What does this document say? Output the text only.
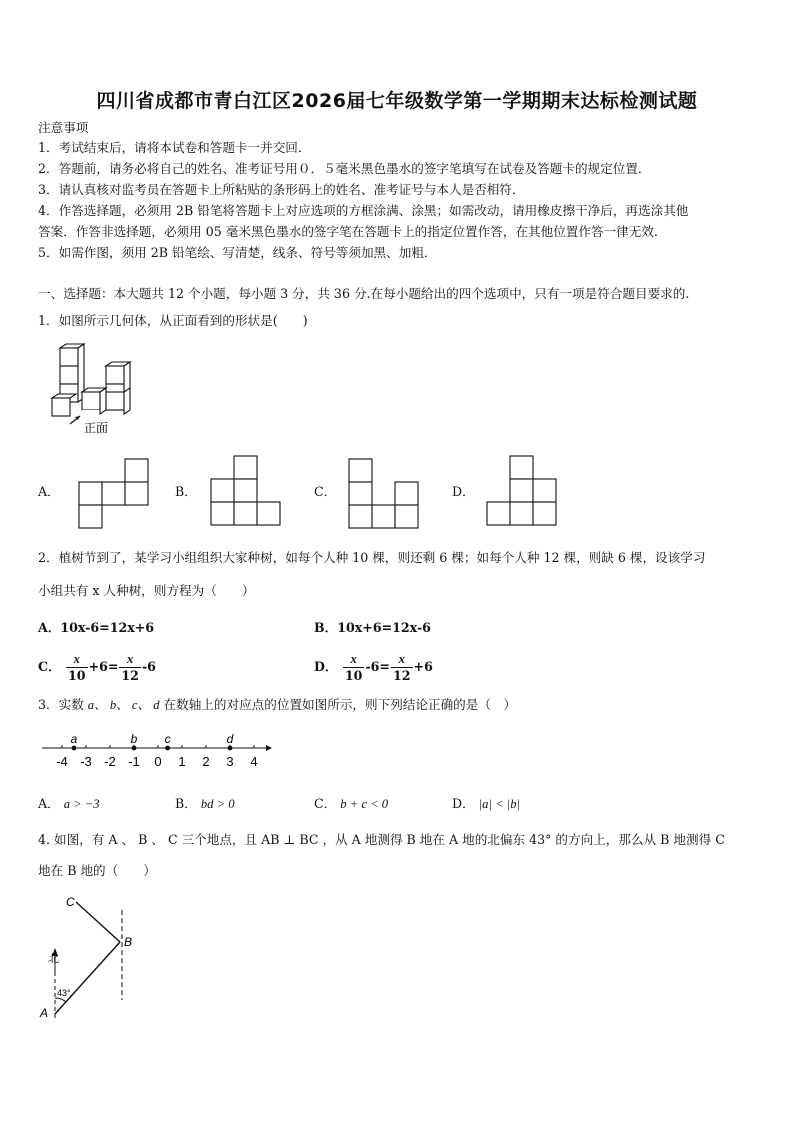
四川省成都市青白江区2026届七年级数学第一学期期末达标检测试题
注意事项
1．考试结束后，请将本试卷和答题卡一并交回．
2．答题前，请务必将自己的姓名、准考证号用０．５毫米黑色墨水的签字笔填写在试卷及答题卡的规定位置．
3．请认真核对监考员在答题卡上所粘贴的条形码上的姓名、准考证号与本人是否相符．
4．作答选择题，必须用 2B 铅笔将答题卡上对应选项的方框涂满、涂黑；如需改动，请用橡皮擦干净后，再选涂其他
答案．作答非选择题，必须用 05 毫米黑色墨水的签字笔在答题卡上的指定位置作答，在其他位置作答一律无效．
5．如需作图，须用 2B 铅笔绘、写清楚，线条、符号等须加黑、加粗．
一、选择题：本大题共 12 个小题，每小题 3 分，共 36 分.在每小题给出的四个选项中，只有一项是符合题目要求的.
1．如图所示几何体，从正面看到的形状是(　　)
正面
A．	B．	C．	D．
2．植树节到了，某学习小组组织大家种树，如每个人种 10 棵，则还剩 6 棵；如每个人种 12 棵，则缺 6 棵，设该学习
小组共有 x 人种树，则方程为（　　）
A．10x-6=12x+6	B．10x+6=12x-6
C． $\frac{x}{10} +6= \frac{x}{12} -6$	D． $\frac{x}{10} -6= \frac{x}{12} +6$
3．实数 a、 b、 c、 d 在数轴上的对应点的位置如图所示，则下列结论正确的是（　）
-4 -3 -2 -1 0 1 2 3 4
a	b c	d
A． a > −3	B． bd > 0	C． b + c < 0	D． |a| < |b|
4. 如图，有 A 、 B 、 C 三个地点，且 AB ⊥ BC ，从 A 地测得 B 地在 A 地的北偏东 43° 的方向上，那么从 B 地测得 C
地在 B 地的（　　）
北
43°
A
B
C
